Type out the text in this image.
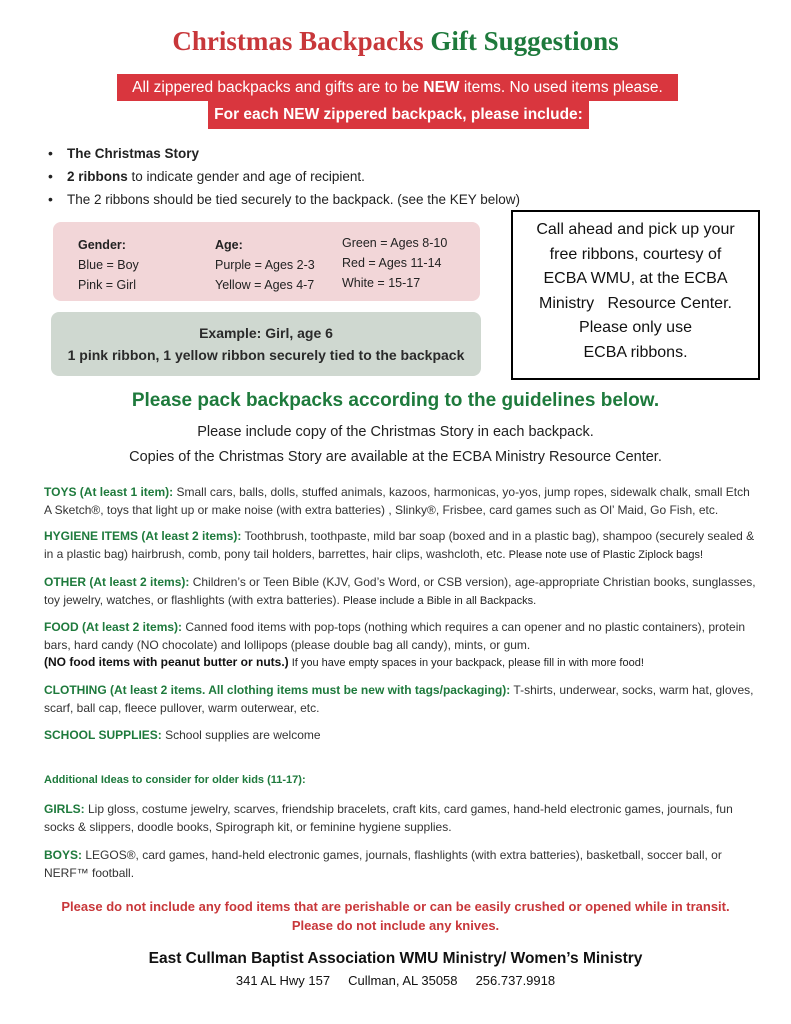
Christmas Backpacks Gift Suggestions
All zippered backpacks and gifts are to be NEW items. No used items please.
For each NEW zippered backpack, please include:
• The Christmas Story
• 2 ribbons to indicate gender and age of recipient.
• The 2 ribbons should be tied securely to the backpack. (see the KEY below)
Gender:
Blue = Boy
Pink = Girl
Age:
Purple = Ages 2-3
Yellow = Ages 4-7
Green = Ages 8-10
Red = Ages 11-14
White = 15-17
Example: Girl, age 6
1 pink ribbon, 1 yellow ribbon securely tied to the backpack
Call ahead and pick up your
free ribbons, courtesy of
ECBA WMU, at the ECBA
Ministry   Resource Center.
Please only use
ECBA ribbons.
Please pack backpacks according to the guidelines below.
Please include copy of the Christmas Story in each backpack.
Copies of the Christmas Story are available at the ECBA Ministry Resource Center.
TOYS (At least 1 item): Small cars, balls, dolls, stuffed animals, kazoos, harmonicas, yo-yos, jump ropes, sidewalk chalk, small Etch A Sketch®, toys that light up or make noise (with extra batteries) , Slinky®, Frisbee, card games such as Ol’ Maid, Go Fish, etc.
HYGIENE ITEMS (At least 2 items): Toothbrush, toothpaste, mild bar soap (boxed and in a plastic bag), shampoo (securely sealed & in a plastic bag) hairbrush, comb, pony tail holders, barrettes, hair clips, washcloth, etc. Please note use of Plastic Ziplock bags!
OTHER (At least 2 items): Children’s or Teen Bible (KJV, God’s Word, or CSB version), age-appropriate Christian books, sunglasses, toy jewelry, watches, or flashlights (with extra batteries). Please include a Bible in all Backpacks.
FOOD (At least 2 items): Canned food items with pop-tops (nothing which requires a can opener and no plastic containers), protein bars, hard candy (NO chocolate) and lollipops (please double bag all candy), mints, or gum.
(NO food items with peanut butter or nuts.) If you have empty spaces in your backpack, please fill in with more food!
CLOTHING (At least 2 items. All clothing items must be new with tags/packaging): T-shirts, underwear, socks, warm hat, gloves, scarf, ball cap, fleece pullover, warm outerwear, etc.
SCHOOL SUPPLIES: School supplies are welcome
Additional Ideas to consider for older kids (11-17):
GIRLS: Lip gloss, costume jewelry, scarves, friendship bracelets, craft kits, card games, hand-held electronic games, journals, fun socks & slippers, doodle books, Spirograph kit, or feminine hygiene supplies.
BOYS: LEGOS®, card games, hand-held electronic games, journals, flashlights (with extra batteries), basketball, soccer ball, or NERF™ football.
Please do not include any food items that are perishable or can be easily crushed or opened while in transit.
Please do not include any knives.
East Cullman Baptist Association WMU Ministry/ Women’s Ministry
341 AL Hwy 157     Cullman, AL 35058     256.737.9918
